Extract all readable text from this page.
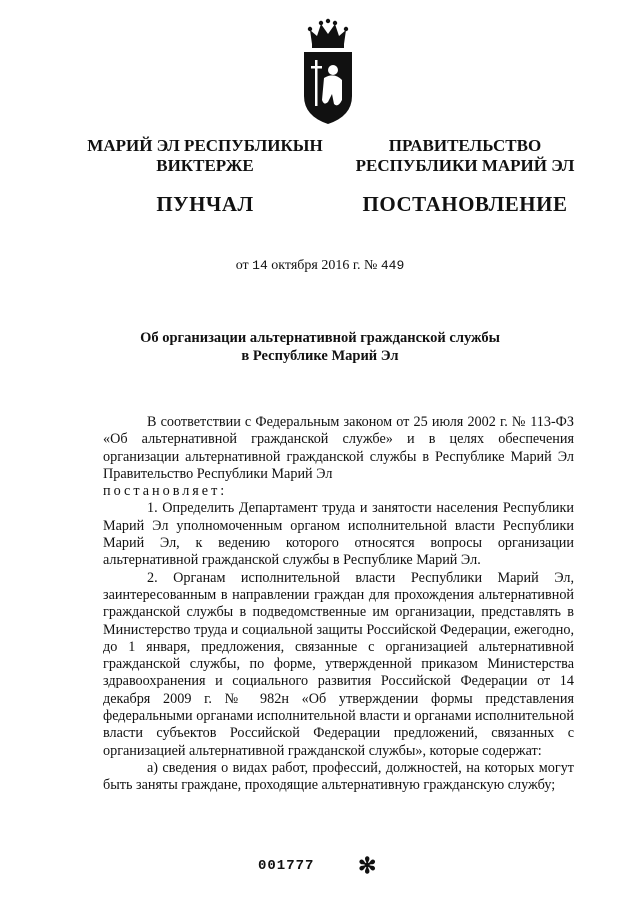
МАРИЙ ЭЛ РЕСПУБЛИКЫН
ВИКТЕРЖЕ
ПУНЧАЛ
ПРАВИТЕЛЬСТВО
РЕСПУБЛИКИ МАРИЙ ЭЛ
ПОСТАНОВЛЕНИЕ
от 14 октября 2016 г. № 449
Об организации альтернативной гражданской службы
в Республике Марий Эл

В соответствии с Федеральным законом от 25 июля 2002 г. № 113-ФЗ «Об альтернативной гражданской службе» и в целях обеспечения организации альтернативной гражданской службы в Республике Марий Эл Правительство Республики Марий Эл

постановляет:

1. Определить Департамент труда и занятости населения Республики Марий Эл уполномоченным органом исполнительной власти Республики Марий Эл, к ведению которого относятся вопросы организации альтернативной гражданской службы в Республике Марий Эл.

2. Органам исполнительной власти Республики Марий Эл, заинтересованным в направлении граждан для прохождения альтернативной гражданской службы в подведомственные им организации, представлять в Министерство труда и социальной защиты Российской Федерации, ежегодно, до 1 января, предложения, связанные с организацией альтернативной гражданской службы, по форме, утвержденной приказом Министерства здравоохранения и социального развития Российской Федерации от 14 декабря 2009 г. № 982н «Об утверждении формы представления федеральными органами исполнительной власти и органами исполнительной власти субъектов Российской Федерации предложений, связанных с организацией альтернативной гражданской службы», которые содержат:

а) сведения о видах работ, профессий, должностей, на которых могут быть заняты граждане, проходящие альтернативную гражданскую службу;

001777 ✻
